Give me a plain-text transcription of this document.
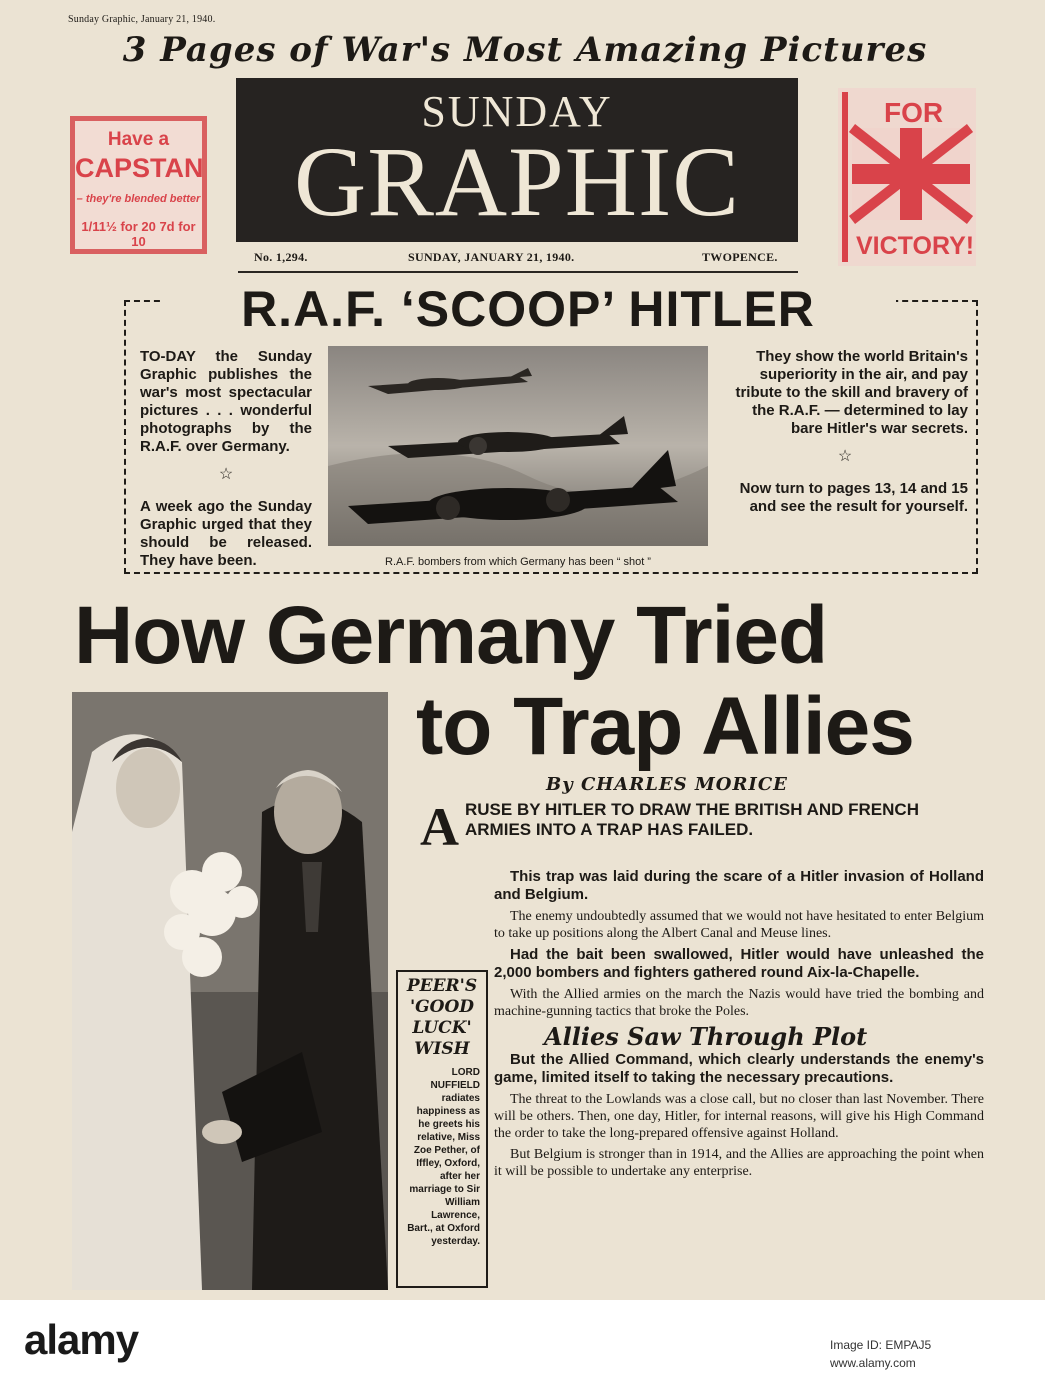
Sunday Graphic, January 21, 1940.
3 Pages of War's Most Amazing Pictures
Have a
CAPSTAN
– they're blended better
1/11½ for 20 7d for 10
SUNDAY
GRAPHIC
FOR
VICTORY!
No. 1,294.	SUNDAY, JANUARY 21, 1940.	TWOPENCE.
R.A.F. ‘SCOOP’ HITLER

TO-DAY the Sunday Graphic publishes the war's most spectacular pictures . . . wonderful photographs by the R.A.F. over Germany.

☆

A week ago the Sunday Graphic urged that they should be released. They have been.	R.A.F. bombers from which Germany has been “ shot ”

They show the world Britain's superiority in the air, and pay tribute to the skill and bravery of the R.A.F. — determined to lay bare Hitler's war secrets.

☆

Now turn to pages 13, 14 and 15 and see the result for yourself.

How Germany Tried
to Trap Allies
PEER'S
'GOOD
LUCK'
WISH
LORD NUFFIELD radiates happiness as he greets his relative, Miss Zoe Pether, of Iffley, Oxford, after her marriage to Sir William Lawrence, Bart., at Oxford yesterday.
By CHARLES MORICE
A RUSE BY HITLER TO DRAW THE BRITISH AND FRENCH ARMIES INTO A TRAP HAS FAILED.

This trap was laid during the scare of a Hitler invasion of Holland and Belgium.

The enemy undoubtedly assumed that we would not have hesitated to enter Belgium to take up positions along the Albert Canal and Meuse lines.

Had the bait been swallowed, Hitler would have unleashed the 2,000 bombers and fighters gathered round Aix-la-Chapelle.

With the Allied armies on the march the Nazis would have tried the bombing and machine-gunning tactics that broke the Poles.

Allies Saw Through Plot

But the Allied Command, which clearly understands the enemy's game, limited itself to taking the necessary precautions.

The threat to the Lowlands was a close call, but no closer than last November. There will be others. Then, one day, Hitler, for internal reasons, will give his High Command the order to take the long-prepared offensive against Holland.

But Belgium is stronger than in 1914, and the Allies are approaching the point when it will be possible to undertake any enterprise.

alamy	Image ID: EMPAJ5
www.alamy.com
